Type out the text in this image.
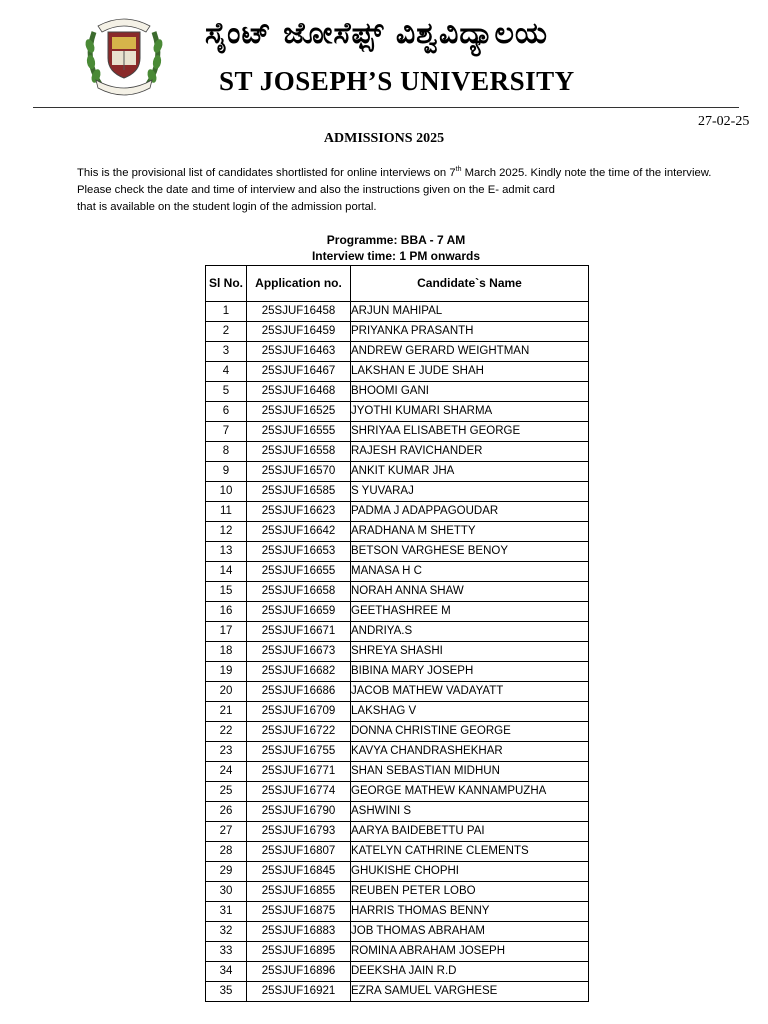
ಸೈಂಟ್ ಜೋಸೆಫ್ಸ್ ವಿಶ್ವವಿದ್ಯಾಲಯ
ST JOSEPH’S UNIVERSITY
27-02-25
ADMISSIONS 2025
This is the provisional list of candidates shortlisted for online interviews on 7th March 2025. Kindly note the time of the interview.
Please check the date and time of interview and also the instructions given on the E- admit card
that is available on the student login of the admission portal.
Programme: BBA - 7 AM
Interview time: 1 PM onwards
Sl No.	Application no.	Candidate`s Name
1	25SJUF16458	ARJUN MAHIPAL
2	25SJUF16459	PRIYANKA PRASANTH
3	25SJUF16463	ANDREW GERARD WEIGHTMAN
4	25SJUF16467	LAKSHAN E JUDE SHAH
5	25SJUF16468	BHOOMI GANI
6	25SJUF16525	JYOTHI KUMARI SHARMA
7	25SJUF16555	SHRIYAA ELISABETH GEORGE
8	25SJUF16558	RAJESH RAVICHANDER
9	25SJUF16570	ANKIT KUMAR JHA
10	25SJUF16585	S YUVARAJ
11	25SJUF16623	PADMA J ADAPPAGOUDAR
12	25SJUF16642	ARADHANA M SHETTY
13	25SJUF16653	BETSON VARGHESE BENOY
14	25SJUF16655	MANASA H C
15	25SJUF16658	NORAH ANNA SHAW
16	25SJUF16659	GEETHASHREE M
17	25SJUF16671	ANDRIYA.S
18	25SJUF16673	SHREYA SHASHI
19	25SJUF16682	BIBINA MARY JOSEPH
20	25SJUF16686	JACOB MATHEW VADAYATT
21	25SJUF16709	LAKSHAG V
22	25SJUF16722	DONNA CHRISTINE GEORGE
23	25SJUF16755	KAVYA CHANDRASHEKHAR
24	25SJUF16771	SHAN SEBASTIAN MIDHUN
25	25SJUF16774	GEORGE MATHEW KANNAMPUZHA
26	25SJUF16790	ASHWINI S
27	25SJUF16793	AARYA BAIDEBETTU PAI
28	25SJUF16807	KATELYN CATHRINE CLEMENTS
29	25SJUF16845	GHUKISHE CHOPHI
30	25SJUF16855	REUBEN PETER LOBO
31	25SJUF16875	HARRIS THOMAS BENNY
32	25SJUF16883	JOB THOMAS ABRAHAM
33	25SJUF16895	ROMINA ABRAHAM JOSEPH
34	25SJUF16896	DEEKSHA JAIN R.D
35	25SJUF16921	EZRA SAMUEL VARGHESE
